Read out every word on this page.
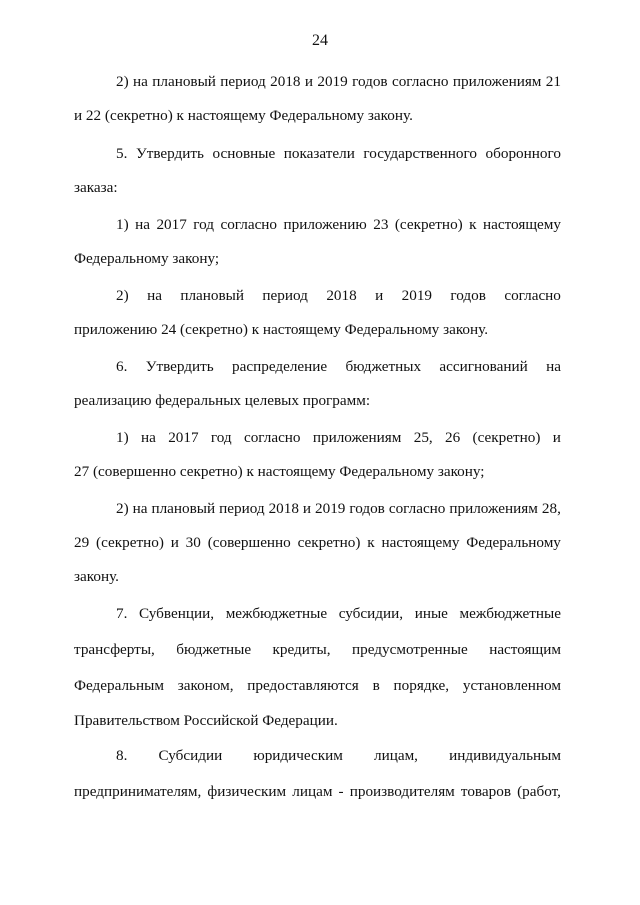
24
2) на плановый период 2018 и 2019 годов согласно приложениям 21
и 22 (секретно) к настоящему Федеральному закону.
5. Утвердить основные показатели государственного оборонного
заказа:
1) на 2017 год согласно приложению 23 (секретно) к настоящему
Федеральному закону;
2) на плановый период 2018 и 2019 годов согласно
приложению 24 (секретно) к настоящему Федеральному закону.
6. Утвердить распределение бюджетных ассигнований на
реализацию федеральных целевых программ:
1) на 2017 год согласно приложениям 25, 26 (секретно) и
27 (совершенно секретно) к настоящему Федеральному закону;
2) на плановый период 2018 и 2019 годов согласно приложениям 28,
29 (секретно) и 30 (совершенно секретно) к настоящему Федеральному
закону.
7. Субвенции, межбюджетные субсидии, иные межбюджетные
трансферты, бюджетные кредиты, предусмотренные настоящим
Федеральным законом, предоставляются в порядке, установленном
Правительством Российской Федерации.
8. Субсидии юридическим лицам, индивидуальным
предпринимателям, физическим лицам - производителям товаров (работ,
